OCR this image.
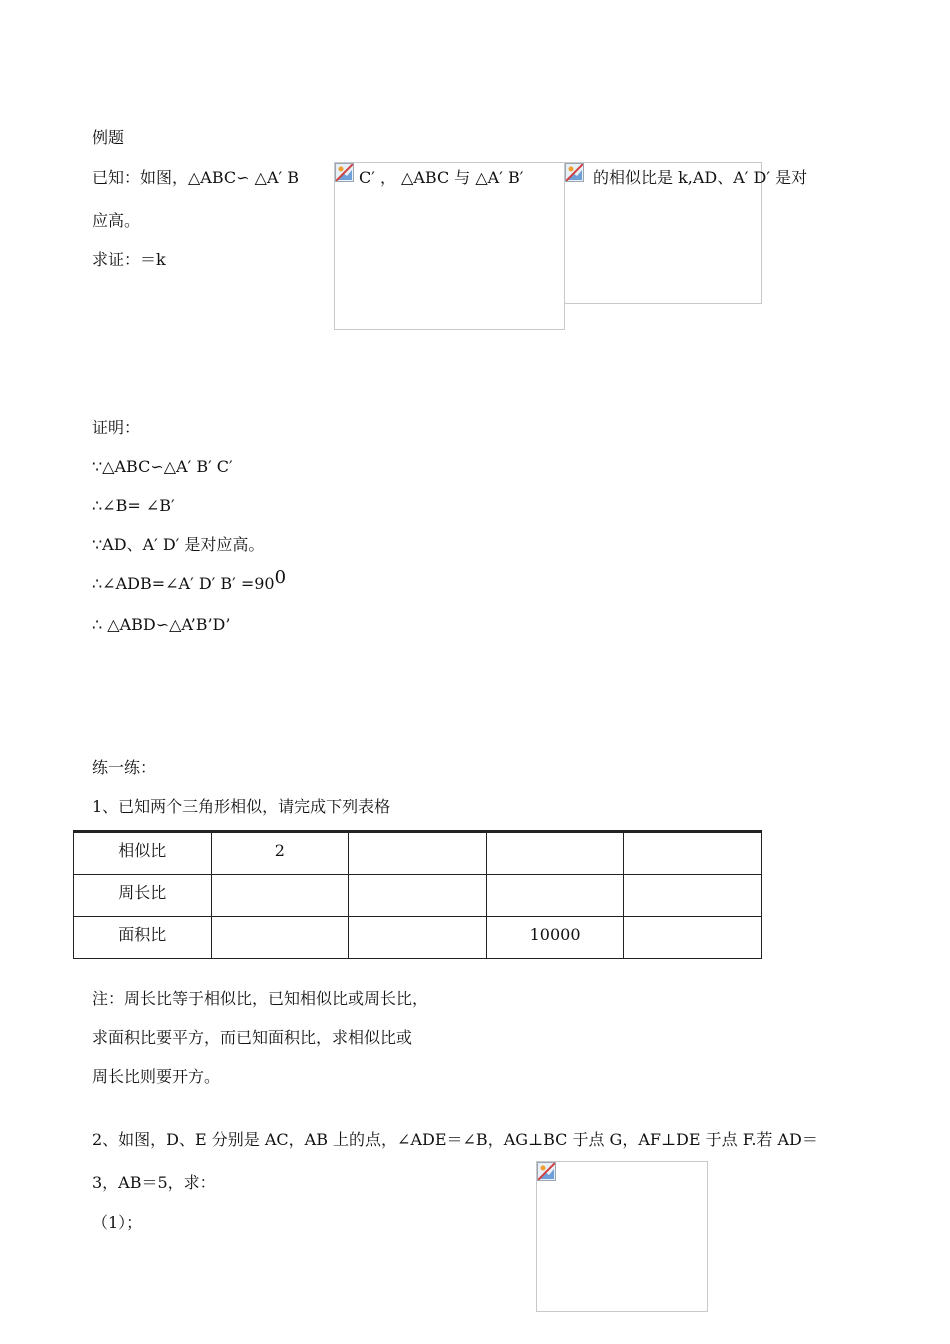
例题
已知：如图，△ABC∽ △A′ B	C′ ， △ABC 与 △A′ B′	的相似比是 k,AD、A′ D′ 是对
应高。
求证：＝k
证明：
∵△ABC∽△A′ B′ C′
∴∠B= ∠B′
∵AD、A′ D′ 是对应高。
∴∠ADB=∠A′ D′ $B' =90^0$
∴ △ABD∽△A’B’D’
练一练：
1、已知两个三角形相似，请完成下列表格
相似比	2			
周长比				
面积比			10000	
注：周长比等于相似比，已知相似比或周长比，
求面积比要平方，而已知面积比，求相似比或
周长比则要开方。
2、如图，D、E 分别是 AC，AB 上的点，∠ADE＝∠B，AG⊥BC 于点 G，AF⊥DE 于点 F.若 AD＝
3，AB＝5，求：
（1）；
